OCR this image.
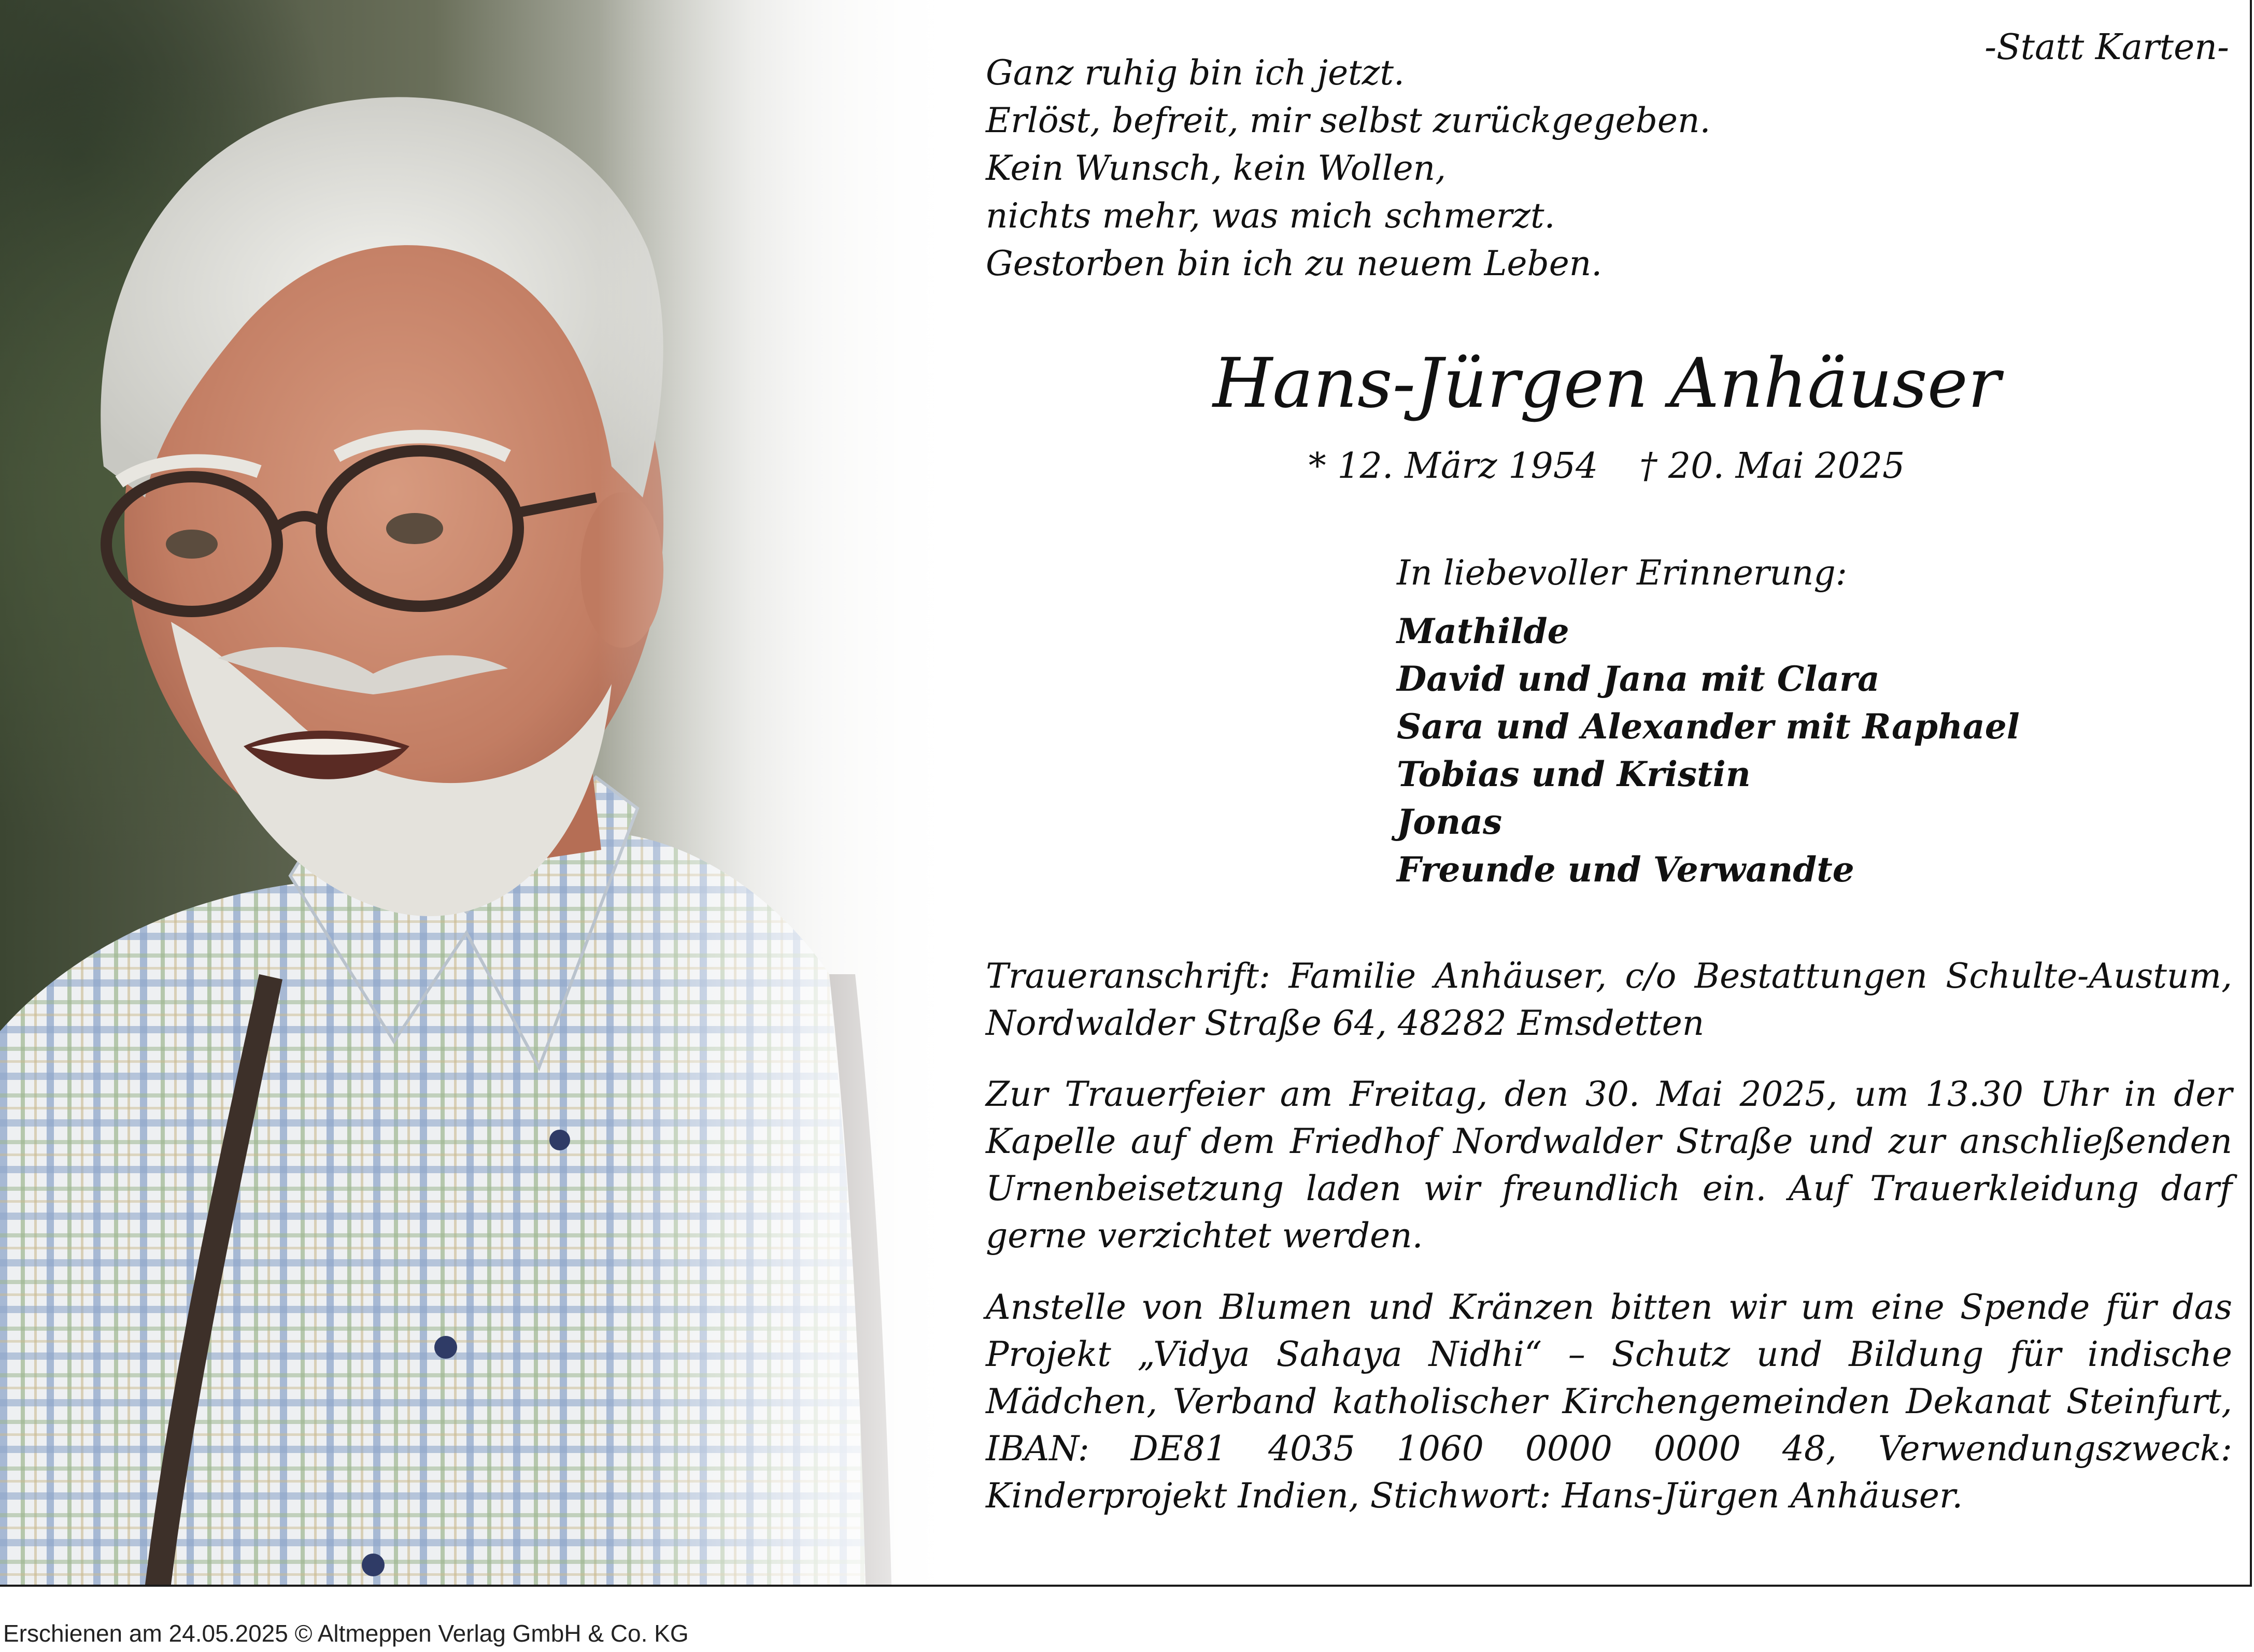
-Statt Karten-

Ganz ruhig bin ich jetzt.
Erlöst, befreit, mir selbst zurückgegeben.
Kein Wunsch, kein Wollen,
nichts mehr, was mich schmerzt.
Gestorben bin ich zu neuem Leben.
Hans-Jürgen Anhäuser

* 12. März 1954 † 20. Mai 2025

In liebevoller Erinnerung:

Mathilde
David und Jana mit Clara
Sara und Alexander mit Raphael
Tobias und Kristin
Jonas
Freunde und Verwandte

Traueranschrift: Familie Anhäuser, c/o Bestattungen Schulte-Austum, Nordwalder Straße 64, 48282 Emsdetten

Zur Trauerfeier am Freitag, den 30. Mai 2025, um 13.30 Uhr in der Kapelle auf dem Friedhof Nordwalder Straße und zur anschließenden Urnenbeisetzung laden wir freundlich ein. Auf Trauerkleidung darf gerne verzichtet werden.

Anstelle von Blumen und Kränzen bitten wir um eine Spende für das Projekt „Vidya Sahaya Nidhi“ – Schutz und Bildung für indische Mädchen, Verband katholischer Kirchengemeinden Dekanat Steinfurt, IBAN: DE81 4035 1060 0000 0000 48, Verwendungszweck: Kinderprojekt Indien, Stichwort: Hans-Jürgen Anhäuser.

Erschienen am 24.05.2025 © Altmeppen Verlag GmbH & Co. KG
